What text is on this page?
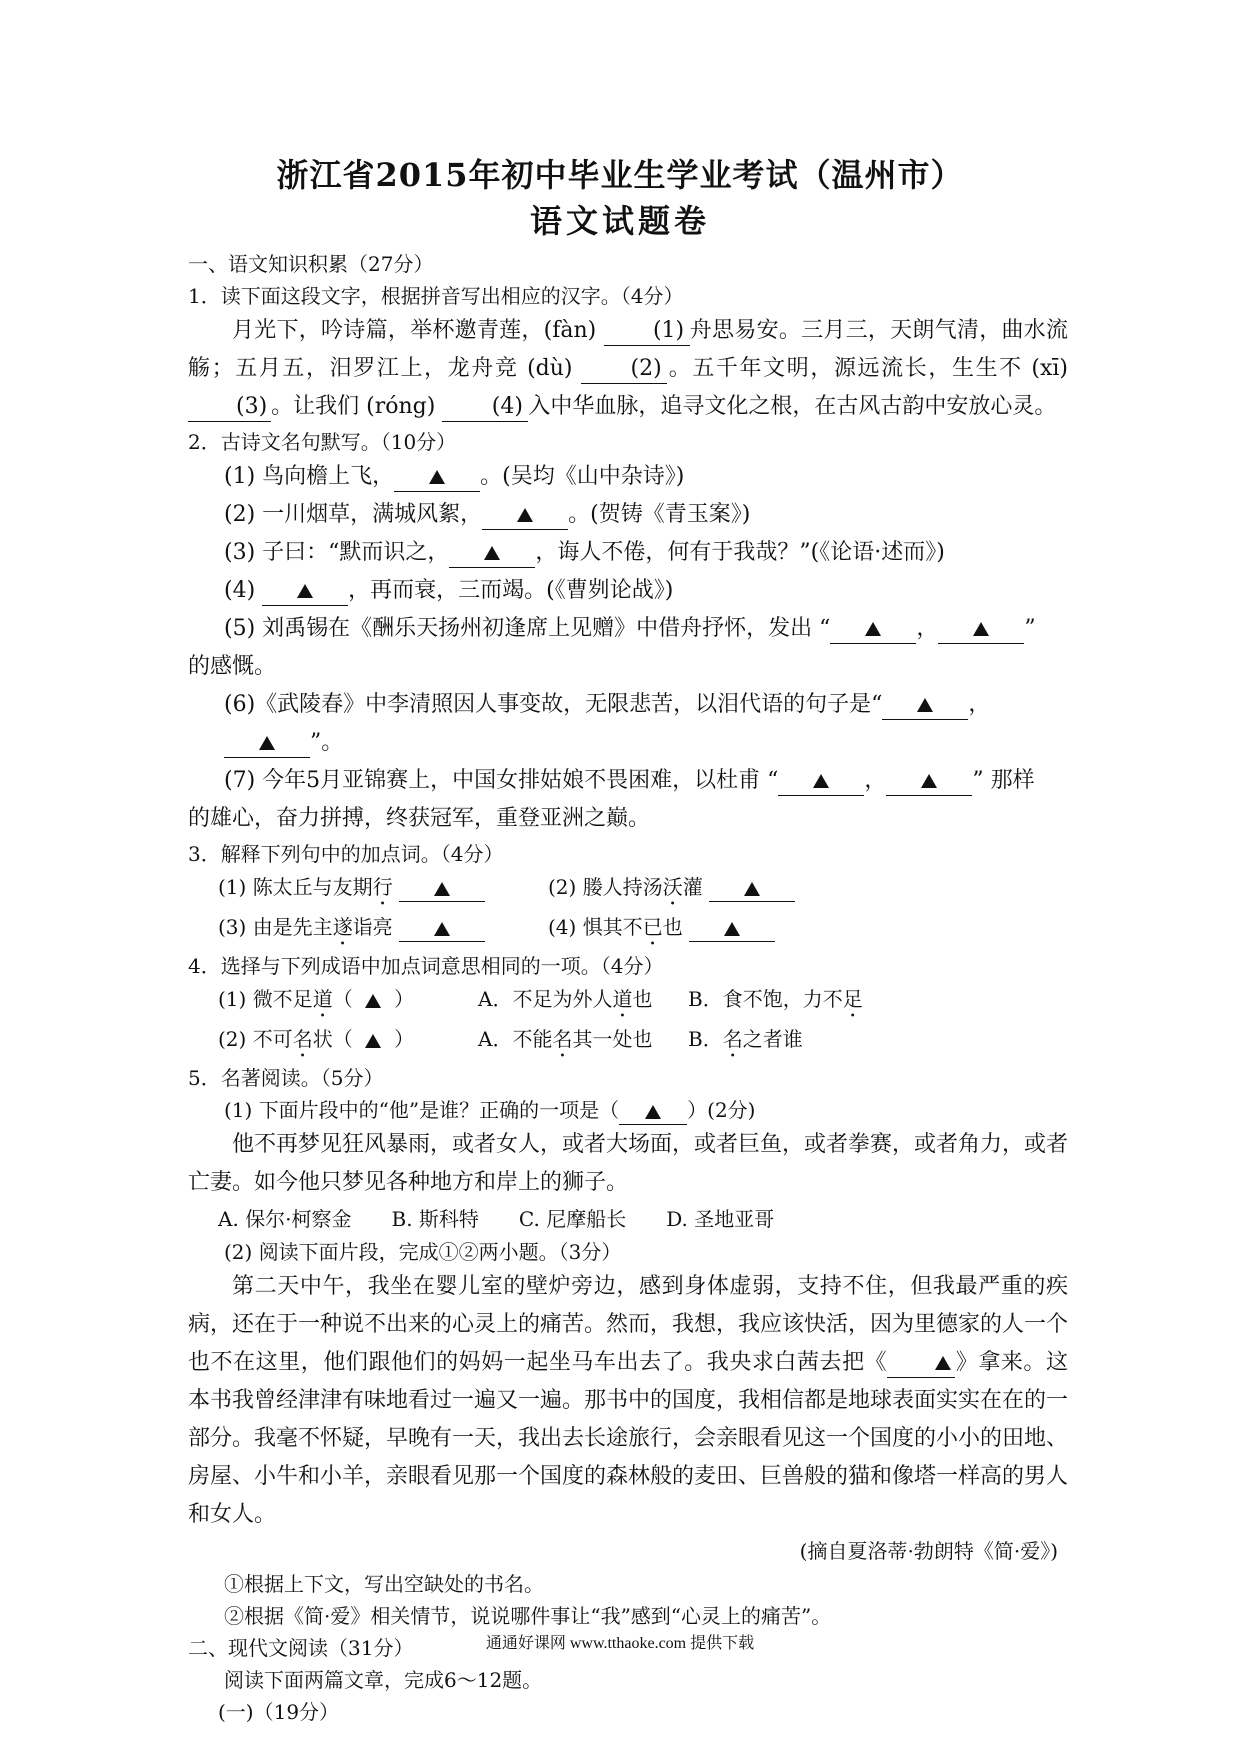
浙江省2015年初中毕业生学业考试（温州市）
语文试题卷

一、语文知识积累（27分）

1．读下面这段文字，根据拼音写出相应的汉字。（4分）

月光下，吟诗篇，举杯邀青莲，(fàn)	(1) 舟思易安。三月三，天朗气清，曲水流觞；五月五，汨罗江上，龙舟竞 (dù)	(2) 。五千年文明，源远流长，生生不 (xī) (3) 。让我们 (róng)	(4) 入中华血脉，追寻文化之根，在古风古韵中安放心灵。

2．古诗文名句默写。（10分）

(1) 鸟向檐上飞，	。(吴均《山中杂诗》)

(2) 一川烟草，满城风絮，	。(贺铸《青玉案》)

(3) 子曰：“默而识之，	，诲人不倦，何有于我哉？”(《论语·述而》)

(4)	，再而衰，三而竭。(《曹刿论战》)

(5) 刘禹锡在《酬乐天扬州初逢席上见赠》中借舟抒怀，发出 “	，	”

的感慨。

(6)《武陵春》中李清照因人事变故，无限悲苦，以泪代语的句子是“	，”。

(7) 今年5月亚锦赛上，中国女排姑娘不畏困难，以杜甫 “	，	” 那样

的雄心，奋力拼搏，终获冠军，重登亚洲之巅。

3．解释下列句中的加点词。（4分）

(1) 陈太丘与友期行	(2) 媵人持汤沃灌

(3) 由是先主遂诣亮	(4) 惧其不已也

4．选择与下列成语中加点词意思相同的一项。（4分）

(1) 微不足道（ ）	A．不足为外人道也	B．食不饱，力不足

(2) 不可名状（ ）	A．不能名其一处也	B．名之者谁

5．名著阅读。（5分）

(1) 下面片段中的“他”是谁？正确的一项是（	）(2分)

他不再梦见狂风暴雨，或者女人，或者大场面，或者巨鱼，或者拳赛，或者角力，或者亡妻。如今他只梦见各种地方和岸上的狮子。

A. 保尔·柯察金　　B. 斯科特　　C. 尼摩船长　　D. 圣地亚哥

(2) 阅读下面片段，完成①②两小题。（3分）

第二天中午，我坐在婴儿室的壁炉旁边，感到身体虚弱，支持不住，但我最严重的疾病，还在于一种说不出来的心灵上的痛苦。然而，我想，我应该快活，因为里德家的人一个也不在这里，他们跟他们的妈妈一起坐马车出去了。我央求白茜去把《	》拿来。这本书我曾经津津有味地看过一遍又一遍。那书中的国度，我相信都是地球表面实实在在的一部分。我毫不怀疑，早晚有一天，我出去长途旅行，会亲眼看见这一个国度的小小的田地、房屋、小牛和小羊，亲眼看见那一个国度的森林般的麦田、巨兽般的猫和像塔一样高的男人和女人。

(摘自夏洛蒂·勃朗特《简·爱》)

①根据上下文，写出空缺处的书名。

②根据《简·爱》相关情节，说说哪件事让“我”感到“心灵上的痛苦”。

二、现代文阅读（31分）

阅读下面两篇文章，完成6～12题。

(一)（19分）

通通好课网 www.tthaoke.com 提供下载
